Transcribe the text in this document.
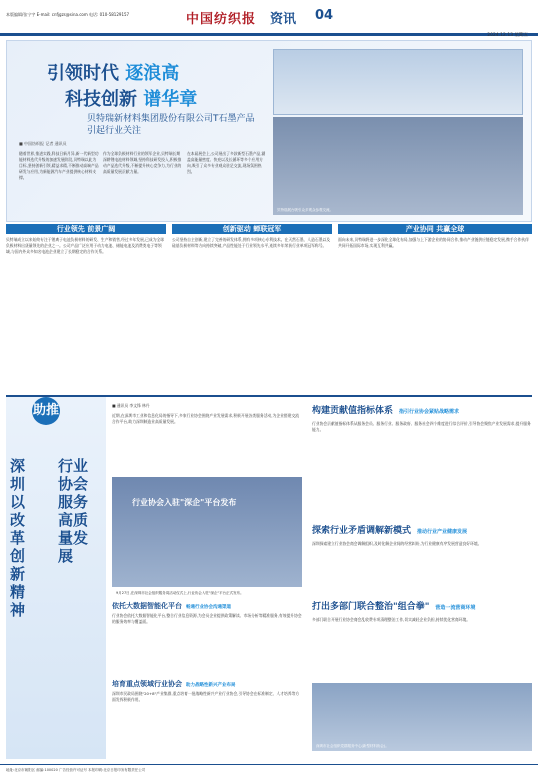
本版编辑/张宁宇 E-mail: cnfjgzs@sina.com 电话: 010-58129157	中国纺织报 资讯 04
2024.12.13 星期五
贝特瑞展台吸引众多观众参观交流。
引领时代 逐浪高
科技创新 谱华章
贝特瑞新材料集团股份有限公司T石墨产品
引起行业关注
■ 中国纺织报 记者 通讯员
随着世界,推进实践,科技日新月异,新一代新型功能材料迭代升级的加速发展阶段,贝特瑞以此为目标,坚持创新引领,精益求精,不断推动高端产品研发与应用,为新能源汽车产业提供核心材料支撑。
作为全球负极材料行业的领军企业,贝特瑞长期深耕锂电池材料领域,坚持科技研发投入,积极推动产品迭代升级,不断提升核心竞争力,为行业的高质量发展贡献力量。
在本届展会上,公司展出了多款新型石墨产品,涵盖高能量密度、快充以及长循环等多个应用方向,吸引了众多专业观众驻足交流,现场氛围热烈。
行业领先 前景广阔	创新驱动 蝉联冠军	产业协同 共赢全球
贝特瑞成立以来始终专注于锂离子电池负极材料的研发、生产和销售,经过多年发展,已成为全球负极材料出货量领先的企业之一。公司产品广泛应用于动力电池、储能电池及消费类电子等领域,与国内外众多知名电池企业建立了长期稳定的合作关系。
公司坚持自主创新,建立了完善的研发体系,拥有多项核心专利技术。在天然石墨、人造石墨以及硅基负极材料等方向持续突破,产品性能处于行业领先水平,连续多年荣获行业单项冠军称号。
面向未来,贝特瑞将进一步深化全球化布局,加强与上下游企业的协同合作,推动产业链供应链稳定发展,携手合作伙伴共同开拓国际市场,实现互利共赢。
助推
深圳以改革创新精神
行业协会服务高质量发展
■ 通讯员 李文锋 林丹
近期,在深圳市工业和信息化局的指导下,多家行业协会围绕产业发展需求,积极开展各类服务活动,为企业搭建交流合作平台,助力深圳制造业高质量发展。
行业协会入驻"深企"平台发布
9月27日,在深圳市社会组织服务周活动仪式上,行业协会入驻"深企"平台正式发布。
依托大数据智能化平台 畅通行业协会沟通渠道
行业协会依托大数据智能化平台,整合行业信息资源,为会员企业提供政策解读、市场分析等精准服务,有效提升协会的服务效率与覆盖面。
培育重点领域行业协会 助力战略性新兴产业布局
深圳市民政局围绕"20+8"产业集群,重点培育一批战略性新兴产业行业协会,引导协会在标准制定、人才培养等方面发挥积极作用。
构建贡献值指标体系 指引行业协会紧贴战略需求
行业协会贡献值指标体系从服务会员、服务行业、服务政府、服务社会四个维度进行综合评价,引导协会聚焦产业发展需求,提升服务能力。
探索行业矛盾调解新模式 推动行业产业健康发展
深圳探索建立行业协会商会调解组织,及时化解企业间的经营纠纷,为行业健康有序发展营造良好环境。
打出多部门联合整治"组合拳" 营造一流营商环境
多部门联合开展行业协会商会乱收费专项清理整治工作,切实减轻企业负担,持续优化营商环境。
深圳市社会组织党群服务中心(新型材料协会)。
地址:北京市朝阳区 邮编:100020 广告经营许可证号 本报印刷:北京日报印务有限责任公司
